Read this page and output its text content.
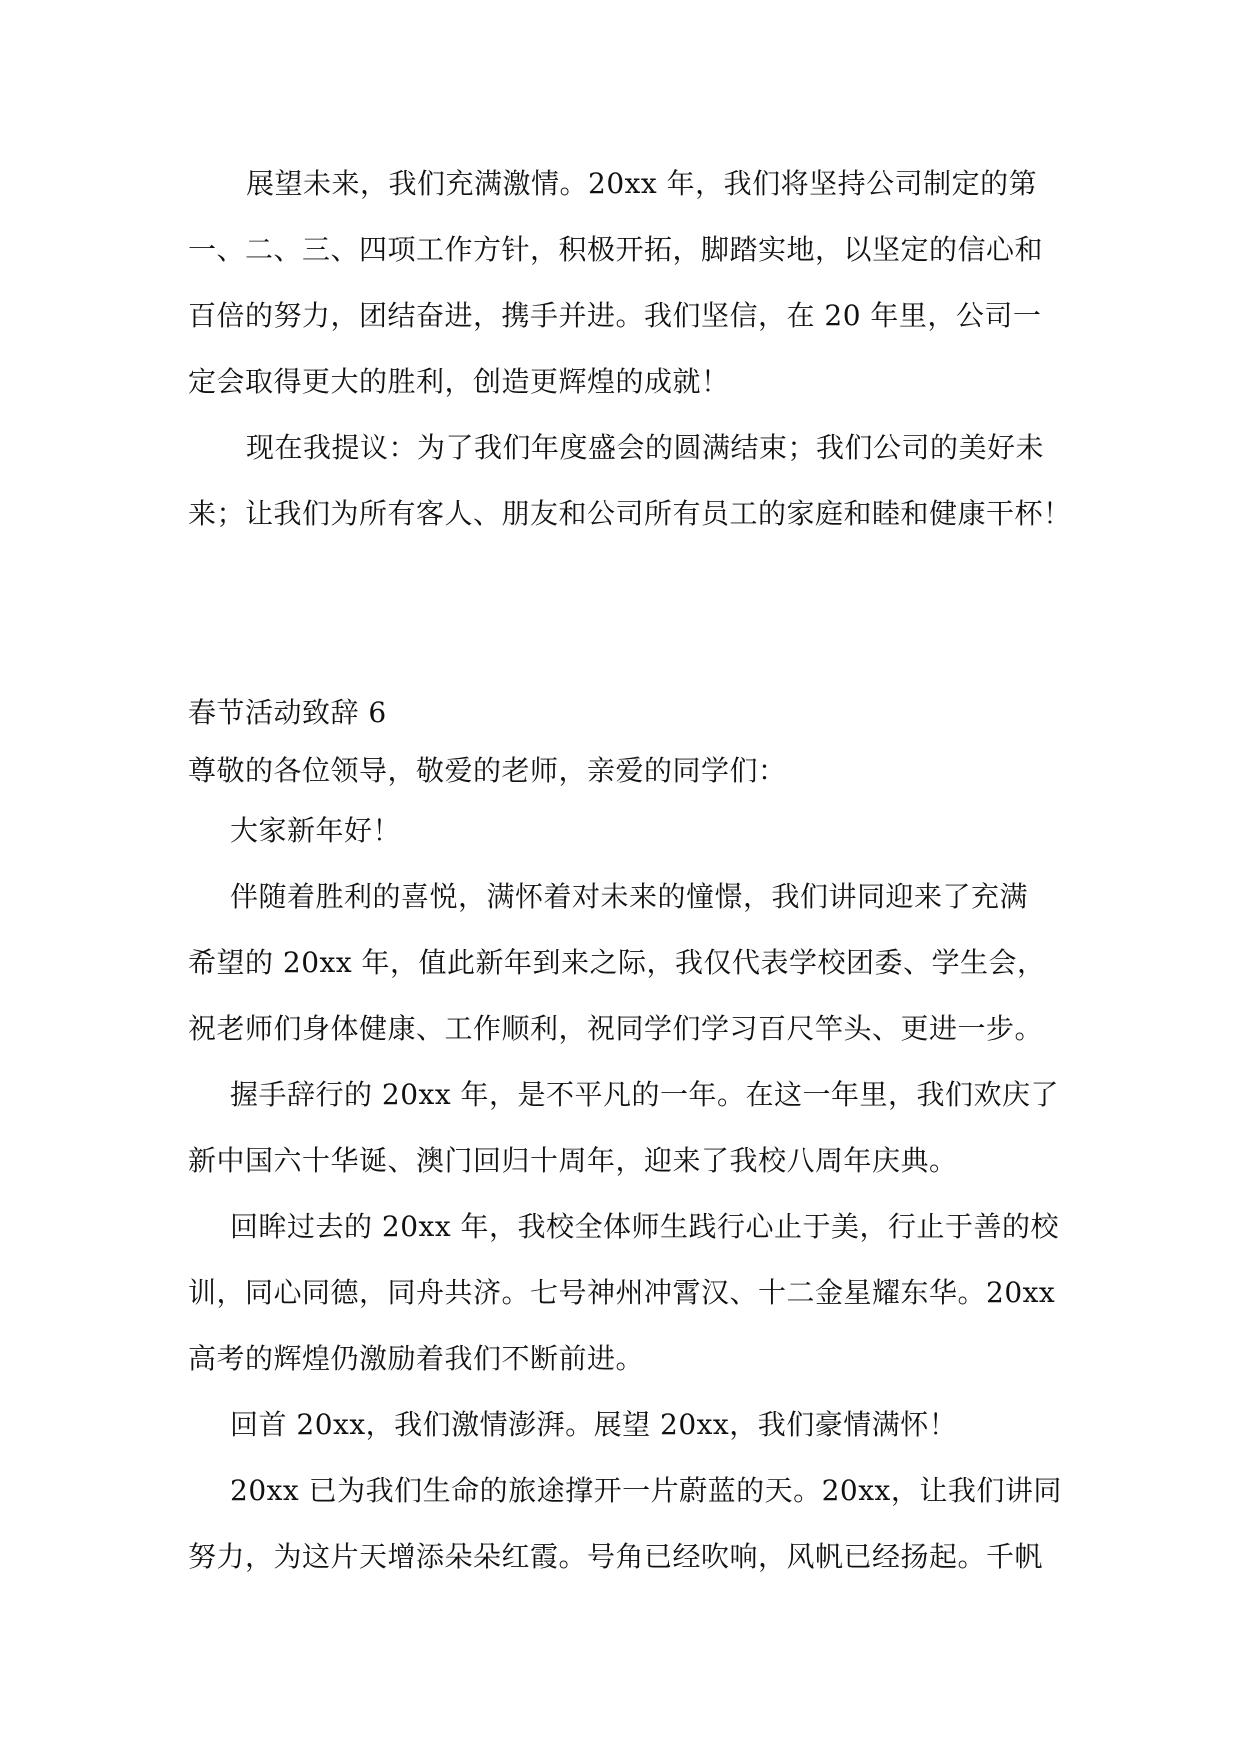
展望未来，我们充满激情。20xx 年，我们将坚持公司制定的第
一、二、三、四项工作方针，积极开拓，脚踏实地，以坚定的信心和
百倍的努力，团结奋进，携手并进。我们坚信，在 20 年里，公司一
定会取得更大的胜利，创造更辉煌的成就！
现在我提议：为了我们年度盛会的圆满结束；我们公司的美好未
来；让我们为所有客人、朋友和公司所有员工的家庭和睦和健康干杯！
春节活动致辞 6
尊敬的各位领导，敬爱的老师，亲爱的同学们：
大家新年好！
伴随着胜利的喜悦，满怀着对未来的憧憬，我们讲同迎来了充满
希望的 20xx 年，值此新年到来之际，我仅代表学校团委、学生会，
祝老师们身体健康、工作顺利，祝同学们学习百尺竿头、更进一步。
握手辞行的 20xx 年，是不平凡的一年。在这一年里，我们欢庆了
新中国六十华诞、澳门回归十周年，迎来了我校八周年庆典。
回眸过去的 20xx 年，我校全体师生践行心止于美，行止于善的校
训，同心同德，同舟共济。七号神州冲霄汉、十二金星耀东华。20xx
高考的辉煌仍激励着我们不断前进。
回首 20xx，我们激情澎湃。展望 20xx，我们豪情满怀！
20xx 已为我们生命的旅途撑开一片蔚蓝的天。20xx，让我们讲同
努力，为这片天增添朵朵红霞。号角已经吹响，风帆已经扬起。千帆
